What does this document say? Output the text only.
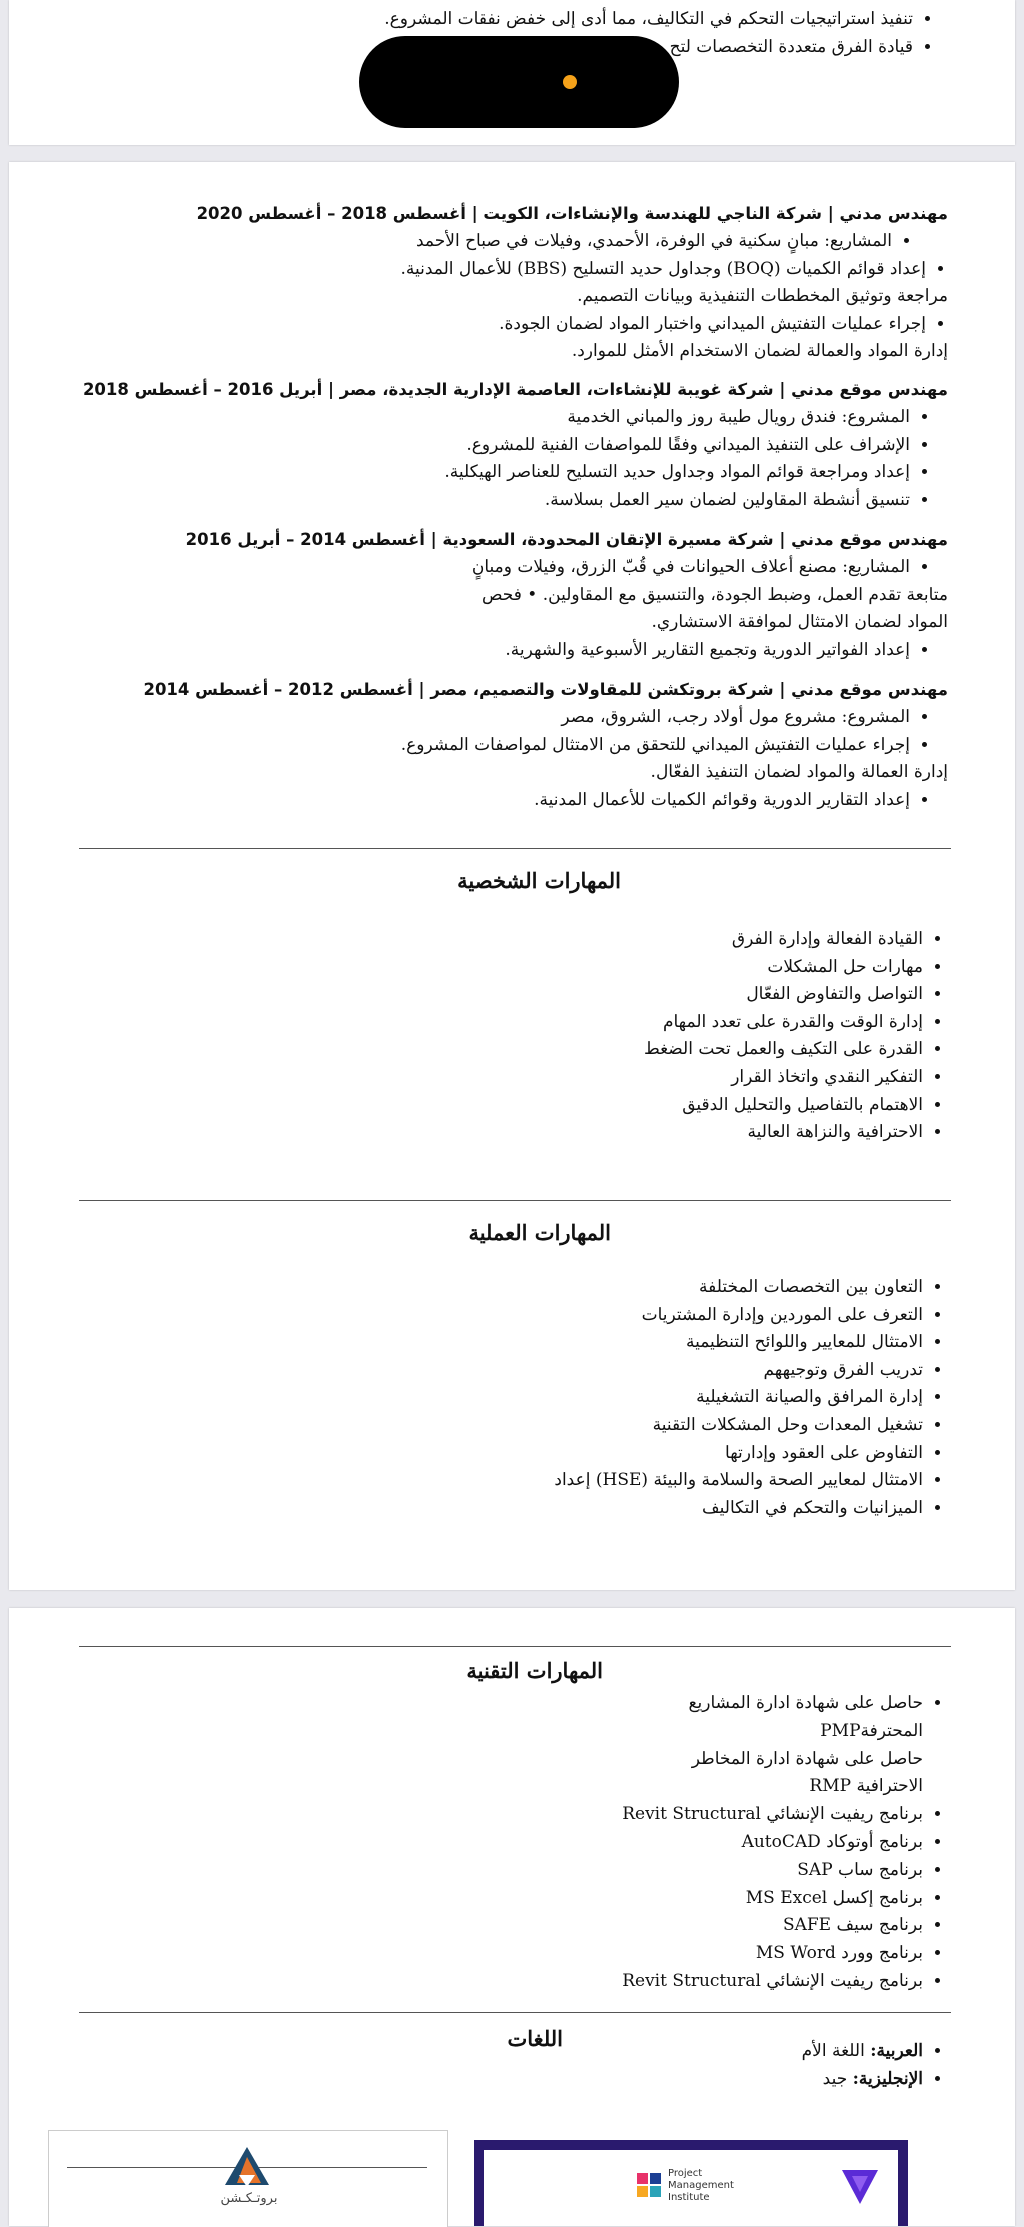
• تنفيذ استراتيجيات التحكم في التكاليف، مما أدى إلى خفض نفقات المشروع.
• قيادة الفرق متعددة التخصصات لتح
مهندس مدني | شركة الناجي للهندسة والإنشاءات، الكويت | أغسطس 2018 – أغسطس 2020
• المشاريع: مبانٍ سكنية في الوفرة، الأحمدي، وفيلات في صباح الأحمد
• إعداد قوائم الكميات (BOQ) وجداول حديد التسليح (BBS) للأعمال المدنية.
مراجعة وتوثيق المخططات التنفيذية وبيانات التصميم.
• إجراء عمليات التفتيش الميداني واختبار المواد لضمان الجودة.
إدارة المواد والعمالة لضمان الاستخدام الأمثل للموارد.
مهندس موقع مدني | شركة غويبة للإنشاءات، العاصمة الإدارية الجديدة، مصر | أبريل 2016 – أغسطس 2018
• المشروع: فندق رويال طيبة روز والمباني الخدمية
• الإشراف على التنفيذ الميداني وفقًا للمواصفات الفنية للمشروع.
• إعداد ومراجعة قوائم المواد وجداول حديد التسليح للعناصر الهيكلية.
• تنسيق أنشطة المقاولين لضمان سير العمل بسلاسة.
مهندس موقع مدني | شركة مسيرة الإتقان المحدودة، السعودية | أغسطس 2014 – أبريل 2016
• المشاريع: مصنع أعلاف الحيوانات في قُبّ الزرق، وفيلات ومبانٍ
متابعة تقدم العمل، وضبط الجودة، والتنسيق مع المقاولين. • فحص
المواد لضمان الامتثال لموافقة الاستشاري.
• إعداد الفواتير الدورية وتجميع التقارير الأسبوعية والشهرية.
مهندس موقع مدني | شركة بروتكشن للمقاولات والتصميم، مصر | أغسطس 2012 – أغسطس 2014
• المشروع: مشروع مول أولاد رجب، الشروق، مصر
• إجراء عمليات التفتيش الميداني للتحقق من الامتثال لمواصفات المشروع.
إدارة العمالة والمواد لضمان التنفيذ الفعّال.
• إعداد التقارير الدورية وقوائم الكميات للأعمال المدنية.
المهارات الشخصية
• القيادة الفعالة وإدارة الفرق
• مهارات حل المشكلات
• التواصل والتفاوض الفعّال
• إدارة الوقت والقدرة على تعدد المهام
• القدرة على التكيف والعمل تحت الضغط
• التفكير النقدي واتخاذ القرار
• الاهتمام بالتفاصيل والتحليل الدقيق
• الاحترافية والنزاهة العالية
المهارات العملية
• التعاون بين التخصصات المختلفة
• التعرف على الموردين وإدارة المشتريات
• الامتثال للمعايير واللوائح التنظيمية
• تدريب الفرق وتوجيههم
• إدارة المرافق والصيانة التشغيلية
• تشغيل المعدات وحل المشكلات التقنية
• التفاوض على العقود وإدارتها
• الامتثال لمعايير الصحة والسلامة والبيئة (HSE) إعداد
• الميزانيات والتحكم في التكاليف
المهارات التقنية
• حاصل على شهادة ادارة المشاريع المحترفةPMP
حاصل على شهادة ادارة المخاطر الاحترافية RMP
• برنامج ريفيت الإنشائي Revit Structural
• برنامج أوتوكاد AutoCAD
• برنامج ساب SAP
• برنامج إكسل MS Excel
• برنامج سيف SAFE
• برنامج وورد MS Word
• برنامج ريفيت الإنشائي Revit Structural
اللغات
•	العربية: اللغة الأم
• الإنجليزية: جيد
بروتـكـشن
Project
Management
Institute
